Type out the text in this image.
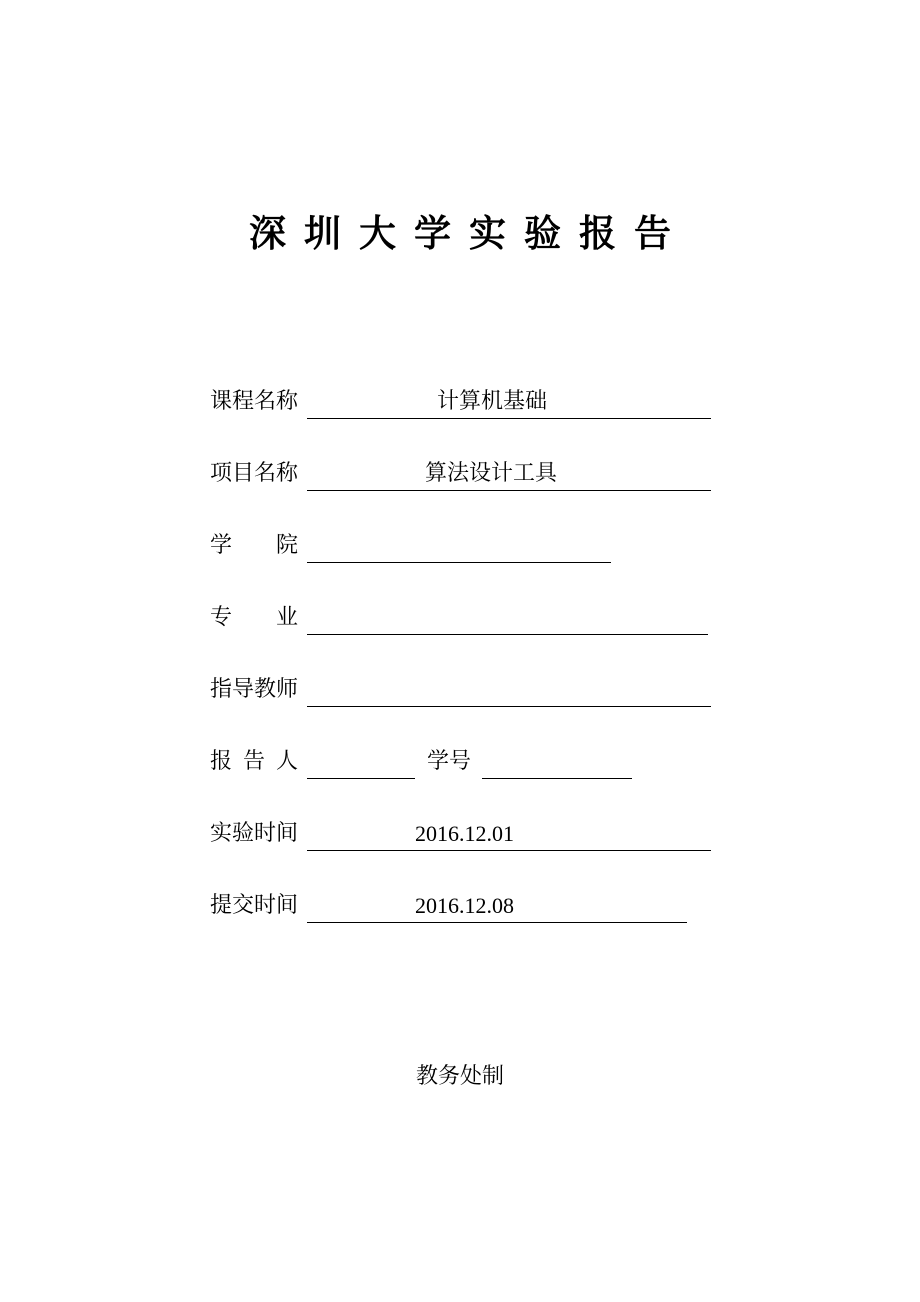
深圳大学实验报告
课 程 名 称	计算机基础
项 目 名 称	算法设计工具
学 院
专 业
指 导 教 师
报 告 人	学号
实 验 时 间	2016.12.01
提 交 时 间	2016.12.08
教务处制
